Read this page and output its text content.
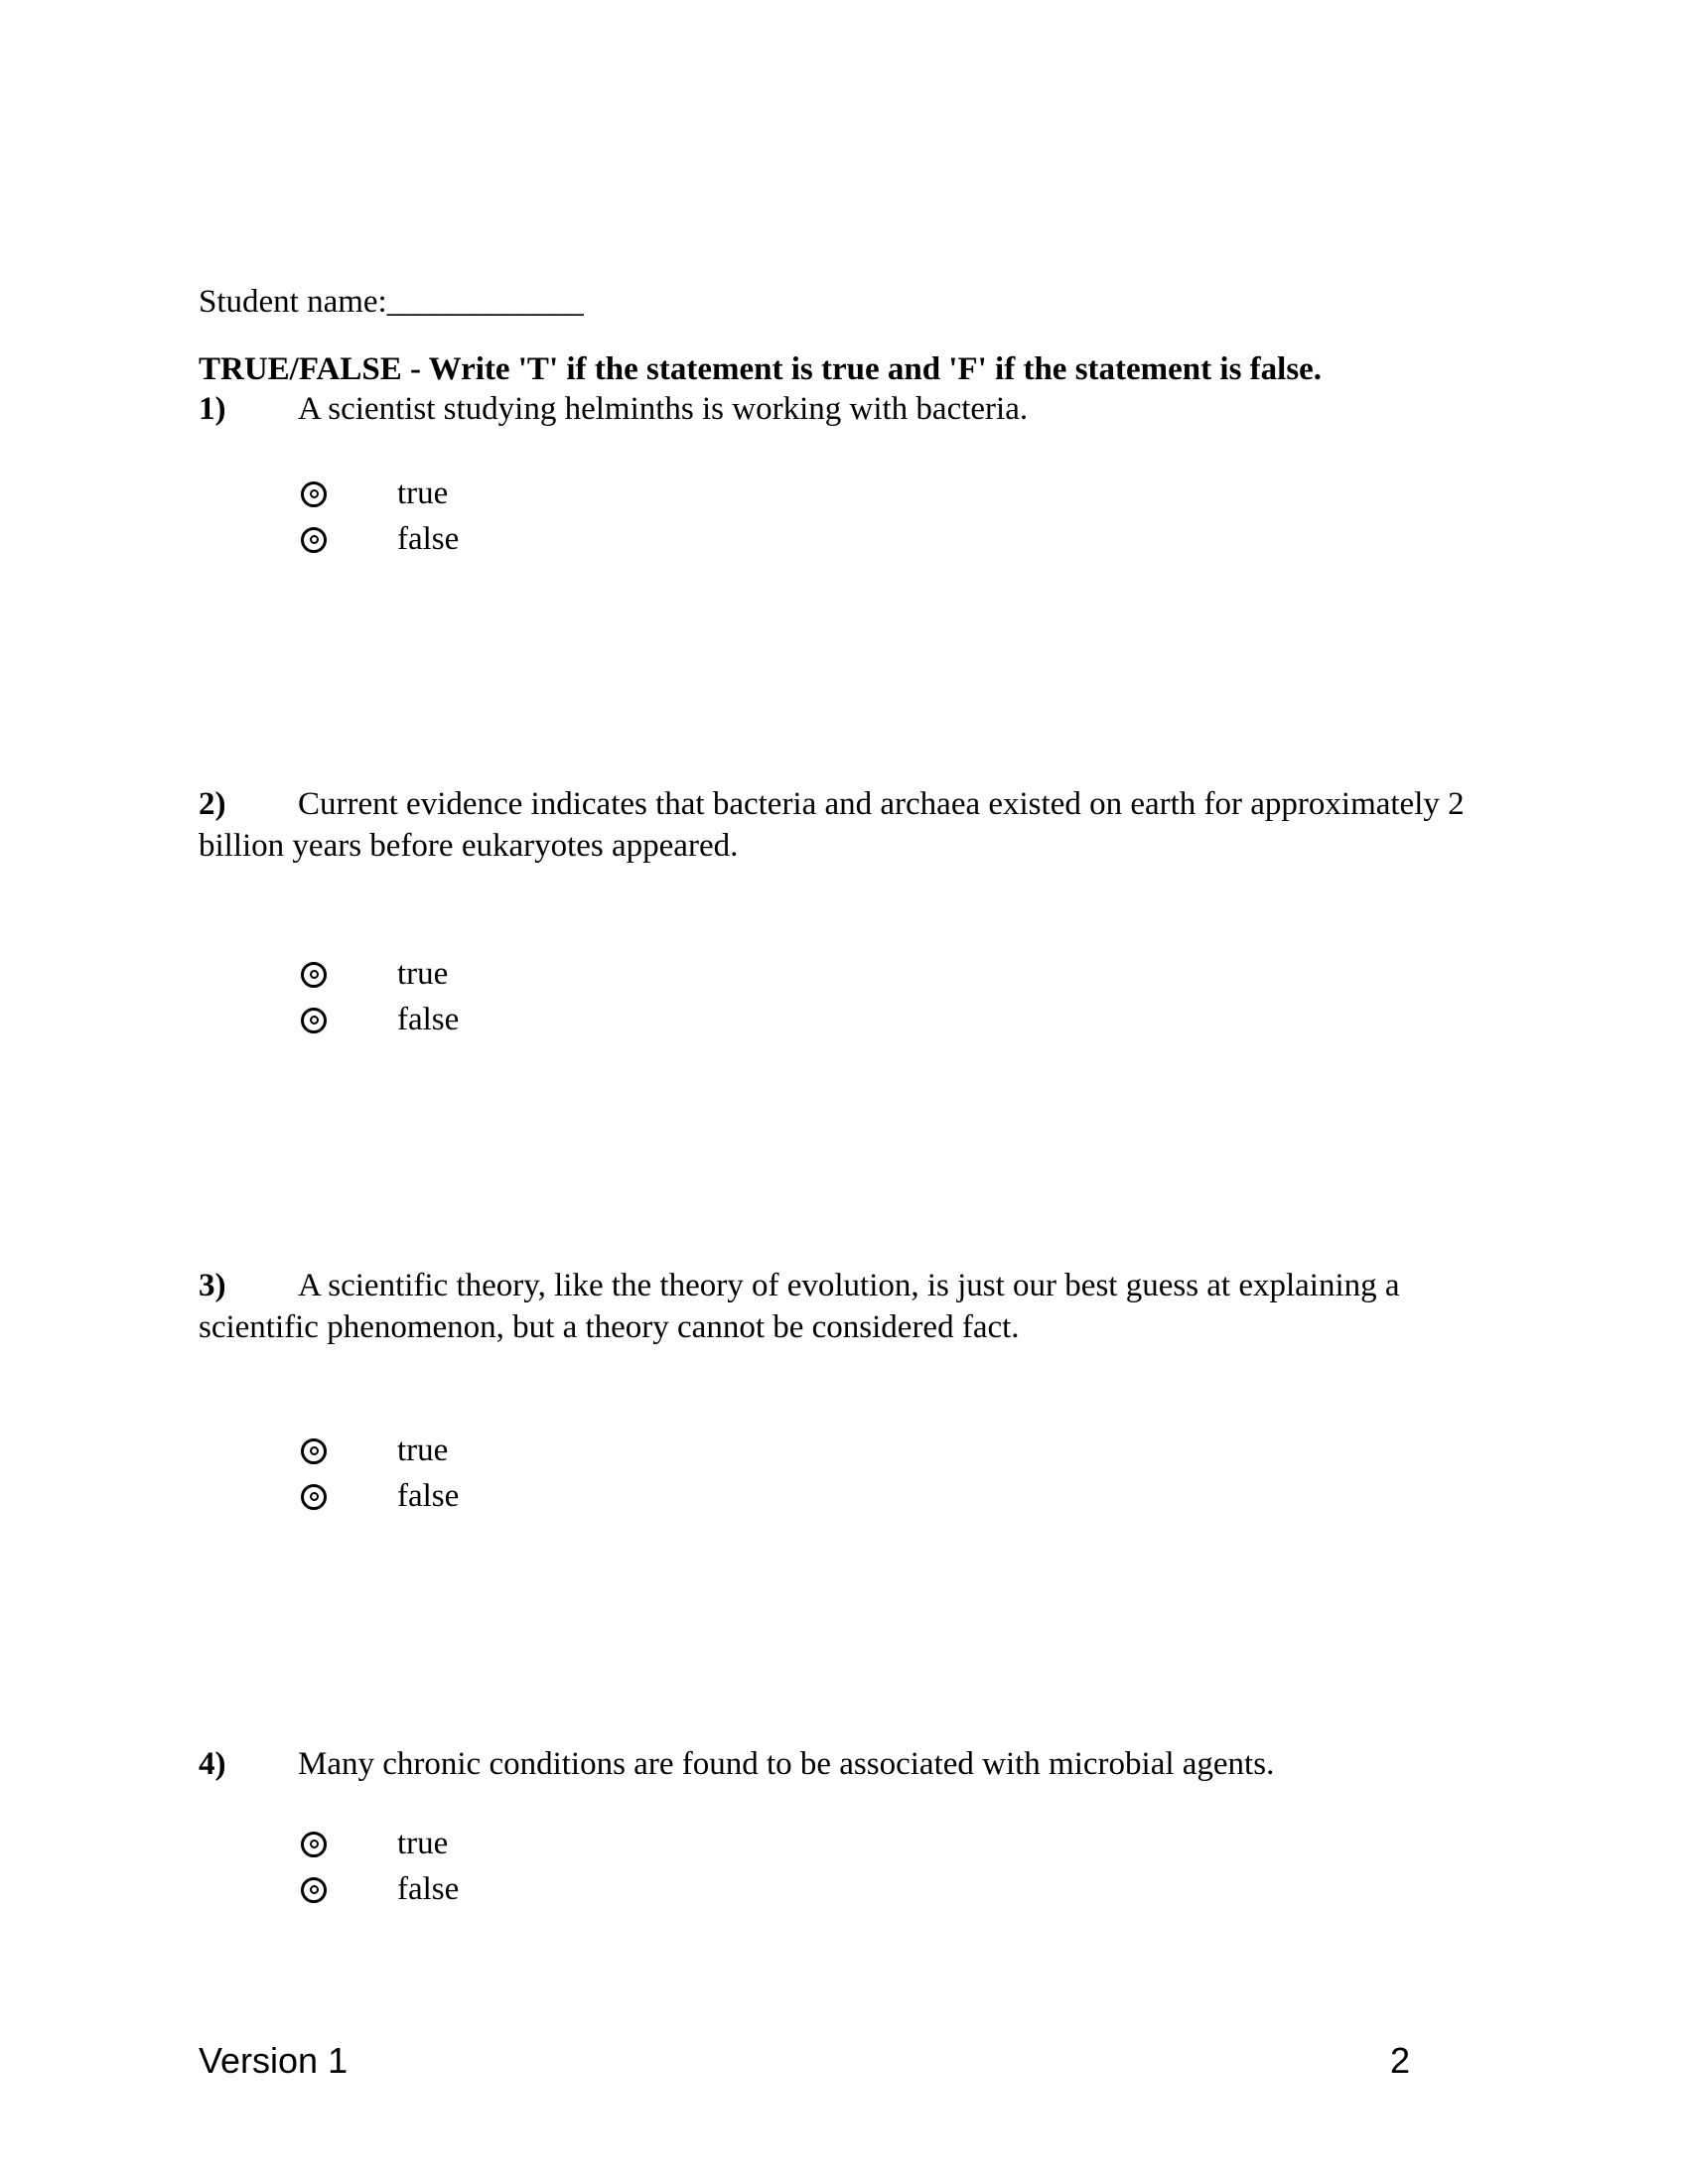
Student name:____________
TRUE/FALSE - Write 'T' if the statement is true and 'F' if the statement is false.
1)	A scientist studying helminths is working with bacteria.
true
false
2)	Current evidence indicates that bacteria and archaea existed on earth for approximately 2
billion years before eukaryotes appeared.
true
false
3)	A scientific theory, like the theory of evolution, is just our best guess at explaining a
scientific phenomenon, but a theory cannot be considered fact.
true
false
4)	Many chronic conditions are found to be associated with microbial agents.
true
false
Version 1	2
